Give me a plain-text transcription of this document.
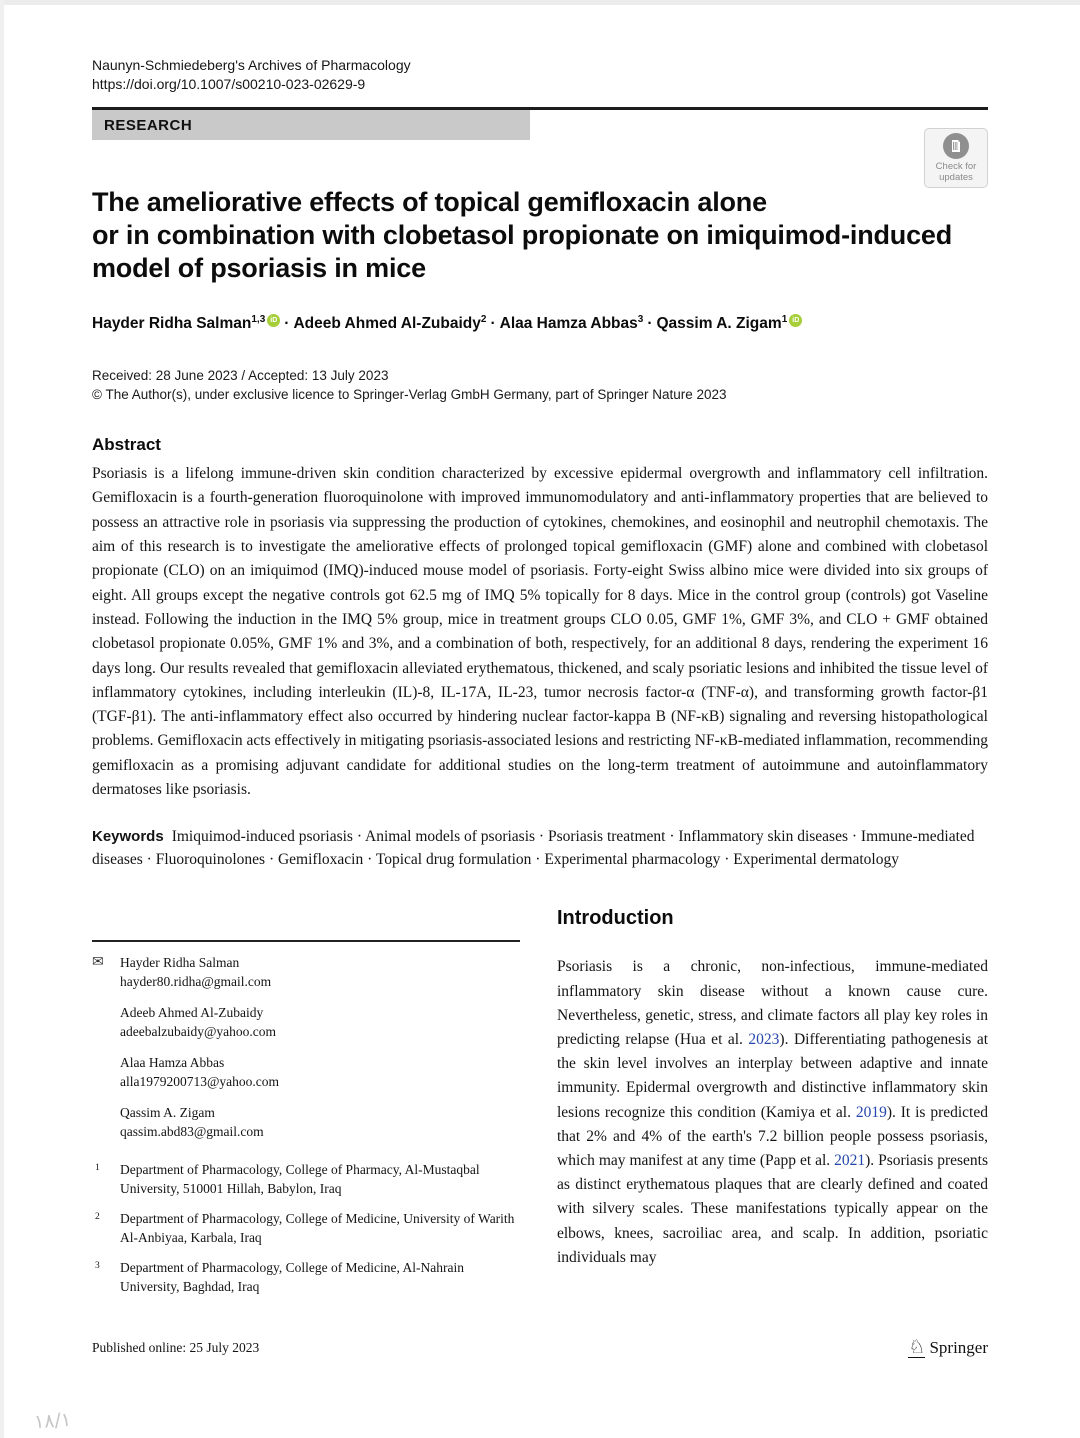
Naunyn-Schmiedeberg's Archives of Pharmacology
https://doi.org/10.1007/s00210-023-02629-9
RESEARCH
Check for
updates
The ameliorative effects of topical gemifloxacin alone
or in combination with clobetasol propionate on imiquimod-induced
model of psoriasis in mice
Hayder Ridha Salman$^{1,3}$ iD · Adeeb Ahmed Al-Zubaidy$^2$ · Alaa Hamza Abbas$^3$ · Qassim A. Zigam$^1$ iD
Received: 28 June 2023 / Accepted: 13 July 2023
© The Author(s), under exclusive licence to Springer-Verlag GmbH Germany, part of Springer Nature 2023
Abstract
Psoriasis is a lifelong immune-driven skin condition characterized by excessive epidermal overgrowth and inflammatory cell infiltration. Gemifloxacin is a fourth-generation fluoroquinolone with improved immunomodulatory and anti-inflammatory properties that are believed to possess an attractive role in psoriasis via suppressing the production of cytokines, chemokines, and eosinophil and neutrophil chemotaxis. The aim of this research is to investigate the ameliorative effects of prolonged topical gemifloxacin (GMF) alone and combined with clobetasol propionate (CLO) on an imiquimod (IMQ)-induced mouse model of psoriasis. Forty-eight Swiss albino mice were divided into six groups of eight. All groups except the negative controls got 62.5 mg of IMQ 5% topically for 8 days. Mice in the control group (controls) got Vaseline instead. Following the induction in the IMQ 5% group, mice in treatment groups CLO 0.05, GMF 1%, GMF 3%, and CLO + GMF obtained clobetasol propionate 0.05%, GMF 1% and 3%, and a combination of both, respectively, for an additional 8 days, rendering the experiment 16 days long. Our results revealed that gemifloxacin alleviated erythematous, thickened, and scaly psoriatic lesions and inhibited the tissue level of inflammatory cytokines, including interleukin (IL)-8, IL-17A, IL-23, tumor necrosis factor-α (TNF-α), and transforming growth factor-β1 (TGF-β1). The anti-inflammatory effect also occurred by hindering nuclear factor-kappa B (NF-κB) signaling and reversing histopathological problems. Gemifloxacin acts effectively in mitigating psoriasis-associated lesions and restricting NF-κB-mediated inflammation, recommending gemifloxacin as a promising adjuvant candidate for additional studies on the long-term treatment of autoimmune and autoinflammatory dermatoses like psoriasis.
Keywords Imiquimod-induced psoriasis · Animal models of psoriasis · Psoriasis treatment · Inflammatory skin diseases · Immune-mediated diseases · Fluoroquinolones · Gemifloxacin · Topical drug formulation · Experimental pharmacology · Experimental dermatology
✉ Hayder Ridha Salman
hayder80.ridha@gmail.com
Adeeb Ahmed Al-Zubaidy
adeebalzubaidy@yahoo.com
Alaa Hamza Abbas
alla1979200713@yahoo.com
Qassim A. Zigam
qassim.abd83@gmail.com
1 Department of Pharmacology, College of Pharmacy, Al-Mustaqbal University, 510001 Hillah, Babylon, Iraq
2 Department of Pharmacology, College of Medicine, University of Warith Al-Anbiyaa, Karbala, Iraq
3 Department of Pharmacology, College of Medicine, Al-Nahrain University, Baghdad, Iraq
Introduction
Psoriasis is a chronic, non-infectious, immune-mediated inflammatory skin disease without a known cause cure. Nevertheless, genetic, stress, and climate factors all play key roles in predicting relapse (Hua et al. 2023). Differentiating pathogenesis at the skin level involves an interplay between adaptive and innate immunity. Epidermal overgrowth and distinctive inflammatory skin lesions recognize this condition (Kamiya et al. 2019). It is predicted that 2% and 4% of the earth's 7.2 billion people possess psoriasis, which may manifest at any time (Papp et al. 2021). Psoriasis presents as distinct erythematous plaques that are clearly defined and coated with silvery scales. These manifestations typically appear on the elbows, knees, sacroiliac area, and scalp. In addition, psoriatic individuals may
Published online: 25 July 2023	♘ Springer
١٨/١
